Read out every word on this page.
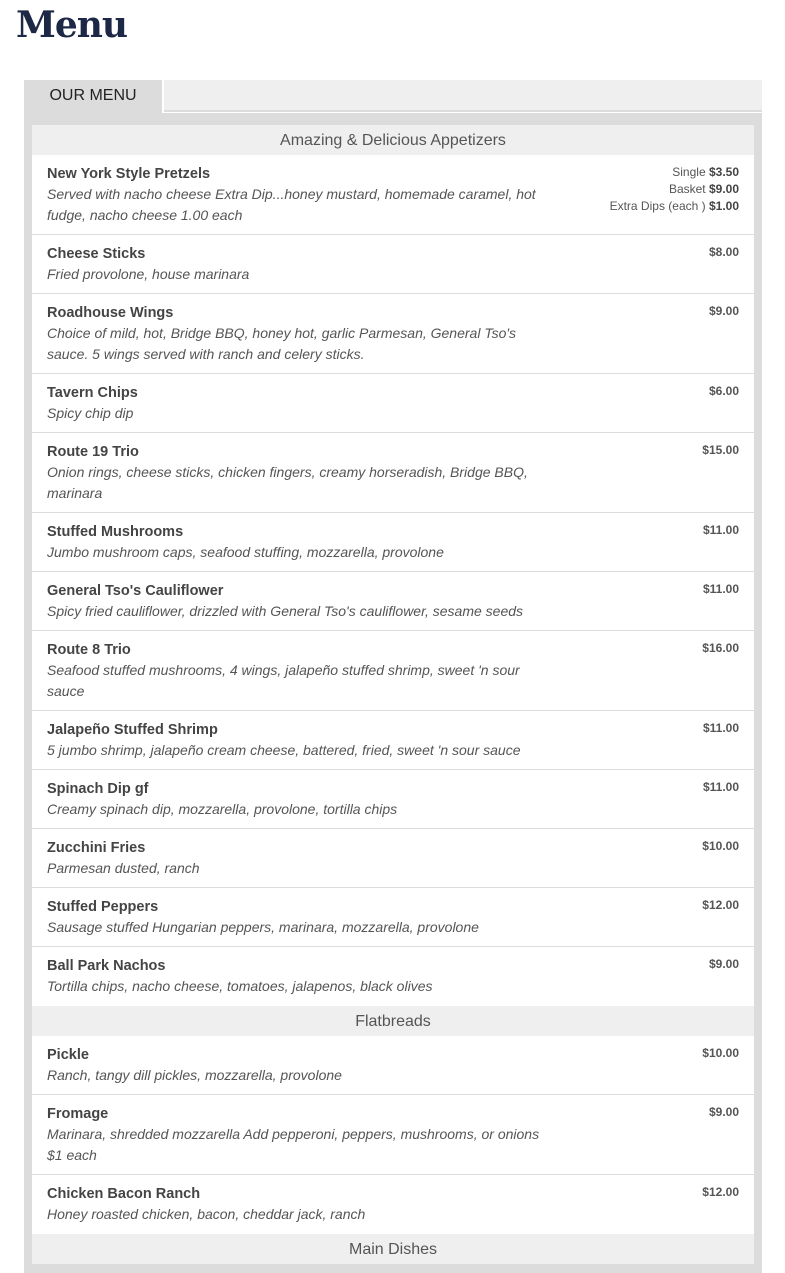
Menu
OUR MENU
Amazing & Delicious Appetizers
New York Style Pretzels
Served with nacho cheese Extra Dip...honey mustard, homemade caramel, hot fudge, nacho cheese 1.00 each
Single $3.50
Basket $9.00
Extra Dips (each ) $1.00
Cheese Sticks
Fried provolone, house marinara
$8.00
Roadhouse Wings
Choice of mild, hot, Bridge BBQ, honey hot, garlic Parmesan, General Tso's sauce. 5 wings served with ranch and celery sticks.
$9.00
Tavern Chips
Spicy chip dip
$6.00
Route 19 Trio
Onion rings, cheese sticks, chicken fingers, creamy horseradish, Bridge BBQ, marinara
$15.00
Stuffed Mushrooms
Jumbo mushroom caps, seafood stuffing, mozzarella, provolone
$11.00
General Tso's Cauliflower
Spicy fried cauliflower, drizzled with General Tso's cauliflower, sesame seeds
$11.00
Route 8 Trio
Seafood stuffed mushrooms, 4 wings, jalapeño stuffed shrimp, sweet 'n sour sauce
$16.00
Jalapeño Stuffed Shrimp
5 jumbo shrimp, jalapeño cream cheese, battered, fried, sweet 'n sour sauce
$11.00
Spinach Dip gf
Creamy spinach dip, mozzarella, provolone, tortilla chips
$11.00
Zucchini Fries
Parmesan dusted, ranch
$10.00
Stuffed Peppers
Sausage stuffed Hungarian peppers, marinara, mozzarella, provolone
$12.00
Ball Park Nachos
Tortilla chips, nacho cheese, tomatoes, jalapenos, black olives
$9.00
Flatbreads
Pickle
Ranch, tangy dill pickles, mozzarella, provolone
$10.00
Fromage
Marinara, shredded mozzarella Add pepperoni, peppers, mushrooms, or onions $1 each
$9.00
Chicken Bacon Ranch
Honey roasted chicken, bacon, cheddar jack, ranch
$12.00
Main Dishes
